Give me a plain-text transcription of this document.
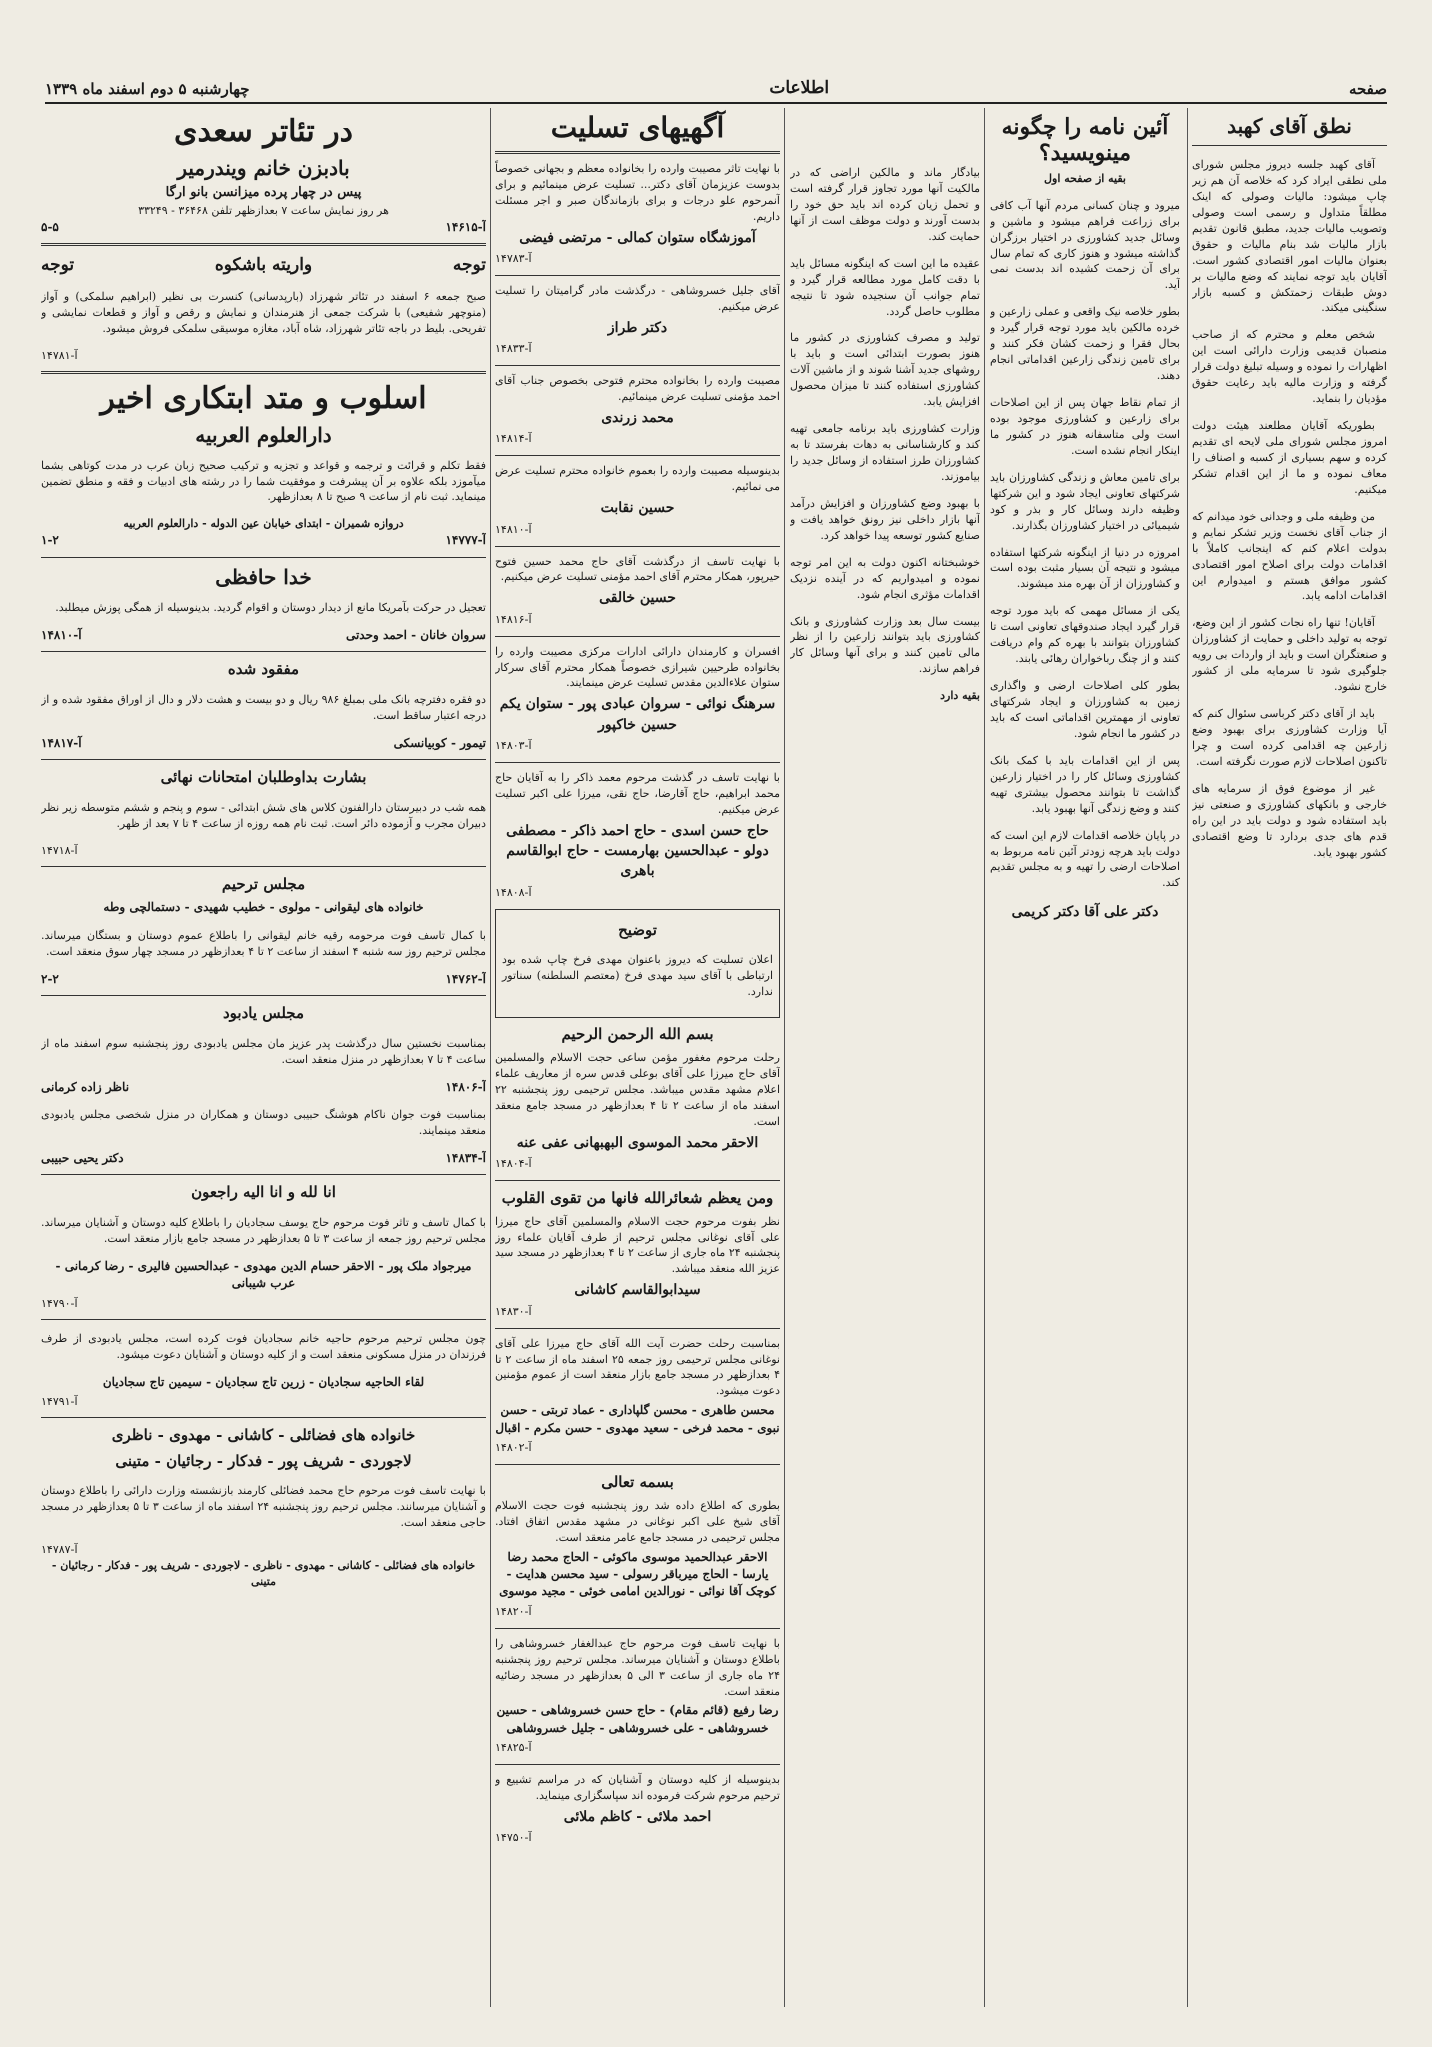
صفحه
اطلاعات
چهارشنبه ۵ دوم اسفند ماه ۱۳۳۹
نطق آقای کهبد

آقای کهبد جلسه دیروز مجلس شورای ملی نطقی ایراد کرد که خلاصه آن هم زیر چاپ میشود: مالیات وصولی که اینک مطلقاً متداول و رسمی است وصولی وتصویب مالیات جدید، مطبق قانون تقدیم بازار مالیات شد بنام مالیات و حقوق بعنوان مالیات امور اقتصادی کشور است. آقایان باید توجه نمایند که وضع مالیات بر دوش طبقات زحمتکش و کسبه بازار سنگینی میکند.

شخص معلم و محترم که از صاحب منصبان قدیمی وزارت دارائی است این اظهارات را نموده و وسیله تبلیغ دولت قرار گرفته و وزارت مالیه باید رعایت حقوق مؤدیان را بنماید.

بطوریکه آقایان مطلعند هیئت دولت امروز مجلس شورای ملی لایحه ای تقدیم کرده و سهم بسیاری از کسبه و اصناف را معاف نموده و ما از این اقدام تشکر میکنیم.

من وظیفه ملی و وجدانی خود میدانم که از جناب آقای نخست وزیر تشکر نمایم و بدولت اعلام کنم که اینجانب کاملاً با اقدامات دولت برای اصلاح امور اقتصادی کشور موافق هستم و امیدوارم این اقدامات ادامه یابد.

آقایان! تنها راه نجات کشور از این وضع، توجه به تولید داخلی و حمایت از کشاورزان و صنعتگران است و باید از واردات بی رویه جلوگیری شود تا سرمایه ملی از کشور خارج نشود.

باید از آقای دکتر کرباسی سئوال کنم که آیا وزارت کشاورزی برای بهبود وضع زارعین چه اقدامی کرده است و چرا تاکنون اصلاحات لازم صورت نگرفته است.

غیر از موضوع فوق از سرمایه های خارجی و بانکهای کشاورزی و صنعتی نیز باید استفاده شود و دولت باید در این راه قدم های جدی بردارد تا وضع اقتصادی کشور بهبود یابد.

آئین نامه را چگونه مینویسید؟
بقیه از صفحه اول

میرود و چنان کسانی مردم آنها آب کافی برای زراعت فراهم میشود و ماشین و وسائل جدید کشاورزی در اختیار برزگران گذاشته میشود و هنوز کاری که تمام سال برای آن زحمت کشیده اند بدست نمی آید.

بطور خلاصه نیک واقعی و عملی زارعین و خرده مالکین باید مورد توجه قرار گیرد و بحال فقرا و زحمت کشان فکر کنند و برای تامین زندگی زارعین اقداماتی انجام دهند.

از تمام نقاط جهان پس از این اصلاحات برای زارعین و کشاورزی موجود بوده است ولی متاسفانه هنوز در کشور ما اینکار انجام نشده است.

برای تامین معاش و زندگی کشاورزان باید شرکتهای تعاونی ایجاد شود و این شرکتها وظیفه دارند وسائل کار و بذر و کود شیمیائی در اختیار کشاورزان بگذارند.

امروزه در دنیا از اینگونه شرکتها استفاده میشود و نتیجه آن بسیار مثبت بوده است و کشاورزان از آن بهره مند میشوند.

یکی از مسائل مهمی که باید مورد توجه قرار گیرد ایجاد صندوقهای تعاونی است تا کشاورزان بتوانند با بهره کم وام دریافت کنند و از چنگ رباخواران رهائی یابند.

بطور کلی اصلاحات ارضی و واگذاری زمین به کشاورزان و ایجاد شرکتهای تعاونی از مهمترین اقداماتی است که باید در کشور ما انجام شود.

پس از این اقدامات باید با کمک بانک کشاورزی وسائل کار را در اختیار زارعین گذاشت تا بتوانند محصول بیشتری تهیه کنند و وضع زندگی آنها بهبود یابد.

در پایان خلاصه اقدامات لازم این است که دولت باید هرچه زودتر آئین نامه مربوط به اصلاحات ارضی را تهیه و به مجلس تقدیم کند.

دکتر علی آقا دکتر کریمی

بیادگار ماند و مالکین اراضی که در مالکیت آنها مورد تجاوز قرار گرفته است و تحمل زیان کرده اند باید حق خود را بدست آورند و دولت موظف است از آنها حمایت کند.

عقیده ما این است که اینگونه مسائل باید با دقت کامل مورد مطالعه قرار گیرد و تمام جوانب آن سنجیده شود تا نتیجه مطلوب حاصل گردد.

تولید و مصرف کشاورزی در کشور ما هنوز بصورت ابتدائی است و باید با روشهای جدید آشنا شوند و از ماشین آلات کشاورزی استفاده کنند تا میزان محصول افزایش یابد.

وزارت کشاورزی باید برنامه جامعی تهیه کند و کارشناسانی به دهات بفرستد تا به کشاورزان طرز استفاده از وسائل جدید را بیاموزند.

با بهبود وضع کشاورزان و افزایش درآمد آنها بازار داخلی نیز رونق خواهد یافت و صنایع کشور توسعه پیدا خواهد کرد.

خوشبختانه اکنون دولت به این امر توجه نموده و امیدواریم که در آینده نزدیک اقدامات مؤثری انجام شود.

بیست سال بعد وزارت کشاورزی و بانک کشاورزی باید بتوانند زارعین را از نظر مالی تامین کنند و برای آنها وسائل کار فراهم سازند.

بقیه دارد

آگهیهای تسلیت

با نهایت تاثر مصیبت وارده را بخانواده معظم و بجهانی خصوصاً بدوست عزیزمان آقای دکتر... تسلیت عرض مینمائیم و برای آنمرحوم علو درجات و برای بازماندگان صبر و اجر مسئلت داریم.

آموزشگاه ستوان کمالی - مرتضی فیضی
آ-۱۴۷۸۳

آقای جلیل خسروشاهی - درگذشت مادر گرامیتان را تسلیت عرض میکنیم.

دکتر طراز
آ-۱۴۸۳۳

مصیبت وارده را بخانواده محترم فتوحی بخصوص جناب آقای احمد مؤمنی تسلیت عرض مینمائیم.

محمد زرندی
آ-۱۴۸۱۴

بدینوسیله مصیبت وارده را بعموم خانواده محترم تسلیت عرض می نمائیم.

حسین نقابت
آ-۱۴۸۱۰

با نهایت تاسف از درگذشت آقای حاج محمد حسین فتوح حیرپور، همکار محترم آقای احمد مؤمنی تسلیت عرض میکنیم.

حسین خالقی
آ-۱۴۸۱۶

افسران و کارمندان دارائی ادارات مرکزی مصیبت وارده را بخانواده طرحیین شیرازی خصوصاً همکار محترم آقای سرکار ستوان علاءالدین مقدس تسلیت عرض مینمایند.

سرهنگ نوائی - سروان عبادی پور - ستوان یکم حسین خاکپور
آ-۱۴۸۰۳

با نهایت تاسف در گذشت مرحوم معمد ذاکر را به آقایان حاج محمد ابراهیم، حاج آقارضا، حاج نقی، میرزا علی اکبر تسلیت عرض میکنیم.

حاج حسن اسدی - حاج احمد ذاکر - مصطفی دولو - عبدالحسین بهارمست - حاج ابوالقاسم باهری
آ-۱۴۸۰۸
توضیح

اعلان تسلیت که دیروز باعنوان مهدی فرخ چاپ شده بود ارتباطی با آقای سید مهدی فرخ (معتصم السلطنه) سناتور ندارد.

بسم الله الرحمن الرحیم

رحلت مرحوم مغفور مؤمن ساعی حجت الاسلام والمسلمین آقای حاج میرزا علی آقای بوعلی قدس سره از معاریف علماء اعلام مشهد مقدس میباشد. مجلس ترحیمی روز پنجشنبه ۲۲ اسفند ماه از ساعت ۲ تا ۴ بعدازظهر در مسجد جامع منعقد است.

الاحقر محمد الموسوی البهبهانی عفی عنه
آ-۱۴۸۰۴
ومن یعظم شعائرالله فانها من تقوی القلوب

نظر بفوت مرحوم حجت الاسلام والمسلمین آقای حاج میرزا علی آقای نوغانی مجلس ترحیم از طرف آقایان علماء روز پنجشنبه ۲۴ ماه جاری از ساعت ۲ تا ۴ بعدازظهر در مسجد سید عزیز الله منعقد میباشد.

سیدابوالقاسم کاشانی
آ-۱۴۸۳۰

بمناسبت رحلت حضرت آیت الله آقای حاج میرزا علی آقای نوغانی مجلس ترحیمی روز جمعه ۲۵ اسفند ماه از ساعت ۲ تا ۴ بعدازظهر در مسجد جامع بازار منعقد است از عموم مؤمنین دعوت میشود.

محسن طاهری - محسن گلپاداری - عماد تربتی - حسن نبوی - محمد فرخی - سعید مهدوی - حسن مکرم - اقبال
آ-۱۴۸۰۲
بسمه تعالی

بطوری که اطلاع داده شد روز پنجشنبه فوت حجت الاسلام آقای شیخ علی اکبر نوغانی در مشهد مقدس اتفاق افتاد. مجلس ترحیمی در مسجد جامع عامر منعقد است.

الاحقر عبدالحمید موسوی ماکوئی - الحاج محمد رضا یارسا - الحاج میرباقر رسولی - سید محسن هدایت - کوچک آقا نوائی - نورالدین امامی خوئی - مجید موسوی
آ-۱۴۸۲۰

با نهایت تاسف فوت مرحوم حاج عبدالغفار خسروشاهی را باطلاع دوستان و آشنایان میرساند. مجلس ترحیم روز پنجشنبه ۲۴ ماه جاری از ساعت ۳ الی ۵ بعدازظهر در مسجد رضائیه منعقد است.

رضا رفیع (قائم مقام) - حاج حسن خسروشاهی - حسین خسروشاهی - علی خسروشاهی - جلیل خسروشاهی
آ-۱۴۸۲۵

بدینوسیله از کلیه دوستان و آشنایان که در مراسم تشییع و ترحیم مرحوم شرکت فرموده اند سپاسگزاری مینماید.

احمد ملائی - کاظم ملائی
آ-۱۴۷۵۰
در تئاتر سعدی
بادبزن خانم ویندرمیر
پیس در چهار پرده میزانسن بانو ارگا
هر روز نمایش ساعت ۷ بعدازظهر تلفن ۳۶۴۶۸ - ۳۳۲۴۹
آ-۱۴۶۱۵
۵-۵
توجه
واریته باشکوه
توجه

صبح جمعه ۶ اسفند در تئاتر شهرزاد (بارپدسانی) کنسرت بی نظیر (ابراهیم سلمکی) و آواز (منوچهر شفیعی) با شرکت جمعی از هنرمندان و نمایش و رقص و آواز و قطعات نمایشی و تفریحی. بلیط در باجه تئاتر شهرزاد، شاه آباد، مغازه موسیقی سلمکی فروش میشود.

آ-۱۴۷۸۱
اسلوب و متد ابتکاری اخیر
دارالعلوم العربیه

فقط تکلم و قرائت و ترجمه و قواعد و تجزیه و ترکیب صحیح زبان عرب در مدت کوتاهی بشما میآموزد بلکه علاوه بر آن پیشرفت و موفقیت شما را در رشته های ادبیات و فقه و منطق تضمین مینماید. ثبت نام از ساعت ۹ صبح تا ۸ بعدازظهر.

دروازه شمیران - ابتدای خیابان عین الدوله - دارالعلوم العربیه
آ-۱۴۷۷۷
۱-۲
خدا حافظی

تعجیل در حرکت بآمریکا مانع از دیدار دوستان و اقوام گردید. بدینوسیله از همگی پوزش میطلبد.

سروان خانان - احمد وحدتی
آ-۱۴۸۱۰
مفقود شده

دو فقره دفترچه بانک ملی بمبلغ ۹۸۶ ریال و دو بیست و هشت دلار و دال از اوراق مفقود شده و از درجه اعتبار ساقط است.

تیمور - کوبیانسکی
آ-۱۴۸۱۷
بشارت بداوطلبان امتحانات نهائی

همه شب در دبیرستان دارالفنون کلاس های شش ابتدائی - سوم و پنجم و ششم متوسطه زیر نظر دبیران مجرب و آزموده دائر است. ثبت نام همه روزه از ساعت ۴ تا ۷ بعد از ظهر.

آ-۱۴۷۱۸
مجلس ترحیم
خانواده های لیقوانی - مولوی - خطیب شهیدی - دستمالچی وطه

با کمال تاسف فوت مرحومه رقیه خانم لیقوانی را باطلاع عموم دوستان و بستگان میرساند. مجلس ترحیم روز سه شنبه ۴ اسفند از ساعت ۲ تا ۴ بعدازظهر در مسجد چهار سوق منعقد است.

آ-۱۴۷۶۲
۲-۲
مجلس یادبود

بمناسبت نخستین سال درگذشت پدر عزیز مان مجلس یادبودی روز پنجشنبه سوم اسفند ماه از ساعت ۴ تا ۷ بعدازظهر در منزل منعقد است.

آ-۱۴۸۰۶
ناظر زاده کرمانی

بمناسبت فوت جوان ناکام هوشنگ حبیبی دوستان و همکاران در منزل شخصی مجلس یادبودی منعقد مینمایند.

آ-۱۴۸۳۴
دکتر یحیی حبیبی
انا لله و انا الیه راجعون

با کمال تاسف و تاثر فوت مرحوم حاج یوسف سجادیان را باطلاع کلیه دوستان و آشنایان میرساند. مجلس ترحیم روز جمعه از ساعت ۳ تا ۵ بعدازظهر در مسجد جامع بازار منعقد است.

میرجواد ملک پور - الاحقر حسام الدین مهدوی - عبدالحسین فالیری - رضا کرمانی - عرب شیبانی
آ-۱۴۷۹۰

چون مجلس ترحیم مرحوم حاجیه خانم سجادیان فوت کرده است، مجلس یادبودی از طرف فرزندان در منزل مسکونی منعقد است و از کلیه دوستان و آشنایان دعوت میشود.

لقاء الحاجیه سجادیان - زرین تاج سجادیان - سیمین تاج سجادیان
آ-۱۴۷۹۱
خانواده های فضائلی - کاشانی - مهدوی - ناظری
لاجوردی - شریف پور - فدکار - رجائیان - متینی

با نهایت تاسف فوت مرحوم حاج محمد فضائلی کارمند بازنشسته وزارت دارائی را باطلاع دوستان و آشنایان میرسانند. مجلس ترحیم روز پنجشنبه ۲۴ اسفند ماه از ساعت ۳ تا ۵ بعدازظهر در مسجد حاجی منعقد است.

آ-۱۴۷۸۷
خانواده های فضائلی - کاشانی - مهدوی - ناظری - لاجوردی - شریف پور - فدکار - رجائیان - متینی
